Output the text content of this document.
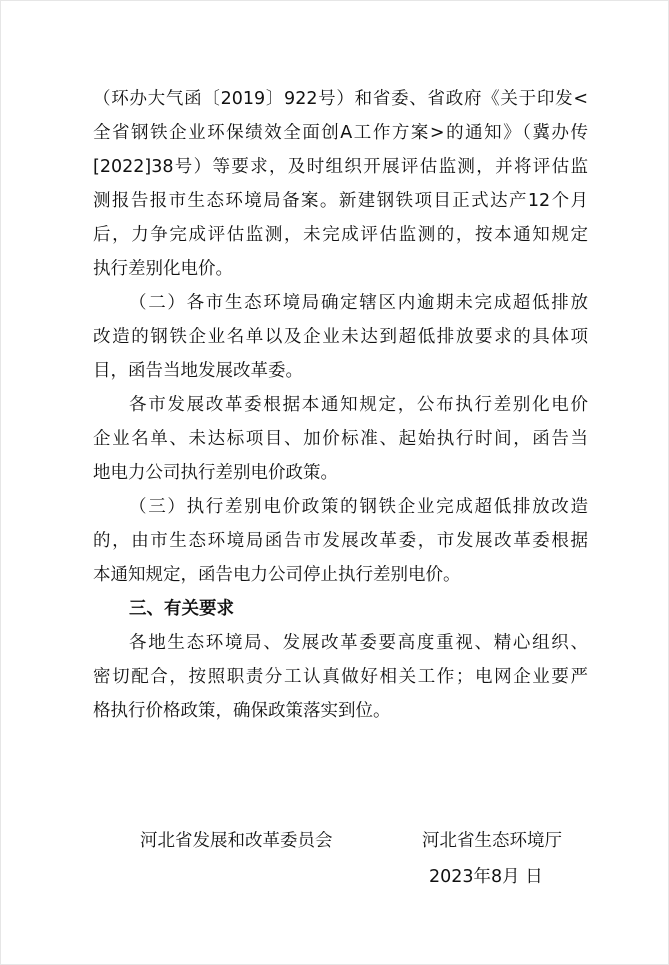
（环办大气函〔2019〕922号）和省委、省政府《关于印发<
全省钢铁企业环保绩效全面创A工作方案>的通知》（冀办传
[2022]38号）等要求，及时组织开展评估监测，并将评估监
测报告报市生态环境局备案。新建钢铁项目正式达产12个月
后，力争完成评估监测，未完成评估监测的，按本通知规定
执行差别化电价。
（二）各市生态环境局确定辖区内逾期未完成超低排放
改造的钢铁企业名单以及企业未达到超低排放要求的具体项
目，函告当地发展改革委。
各市发展改革委根据本通知规定，公布执行差别化电价
企业名单、未达标项目、加价标准、起始执行时间，函告当
地电力公司执行差别电价政策。
（三）执行差别电价政策的钢铁企业完成超低排放改造
的，由市生态环境局函告市发展改革委，市发展改革委根据
本通知规定，函告电力公司停止执行差别电价。
三、有关要求
各地生态环境局、发展改革委要高度重视、精心组织、
密切配合，按照职责分工认真做好相关工作；电网企业要严
格执行价格政策，确保政策落实到位。
河北省发展和改革委员会	河北省生态环境厅
2023年8月 日
